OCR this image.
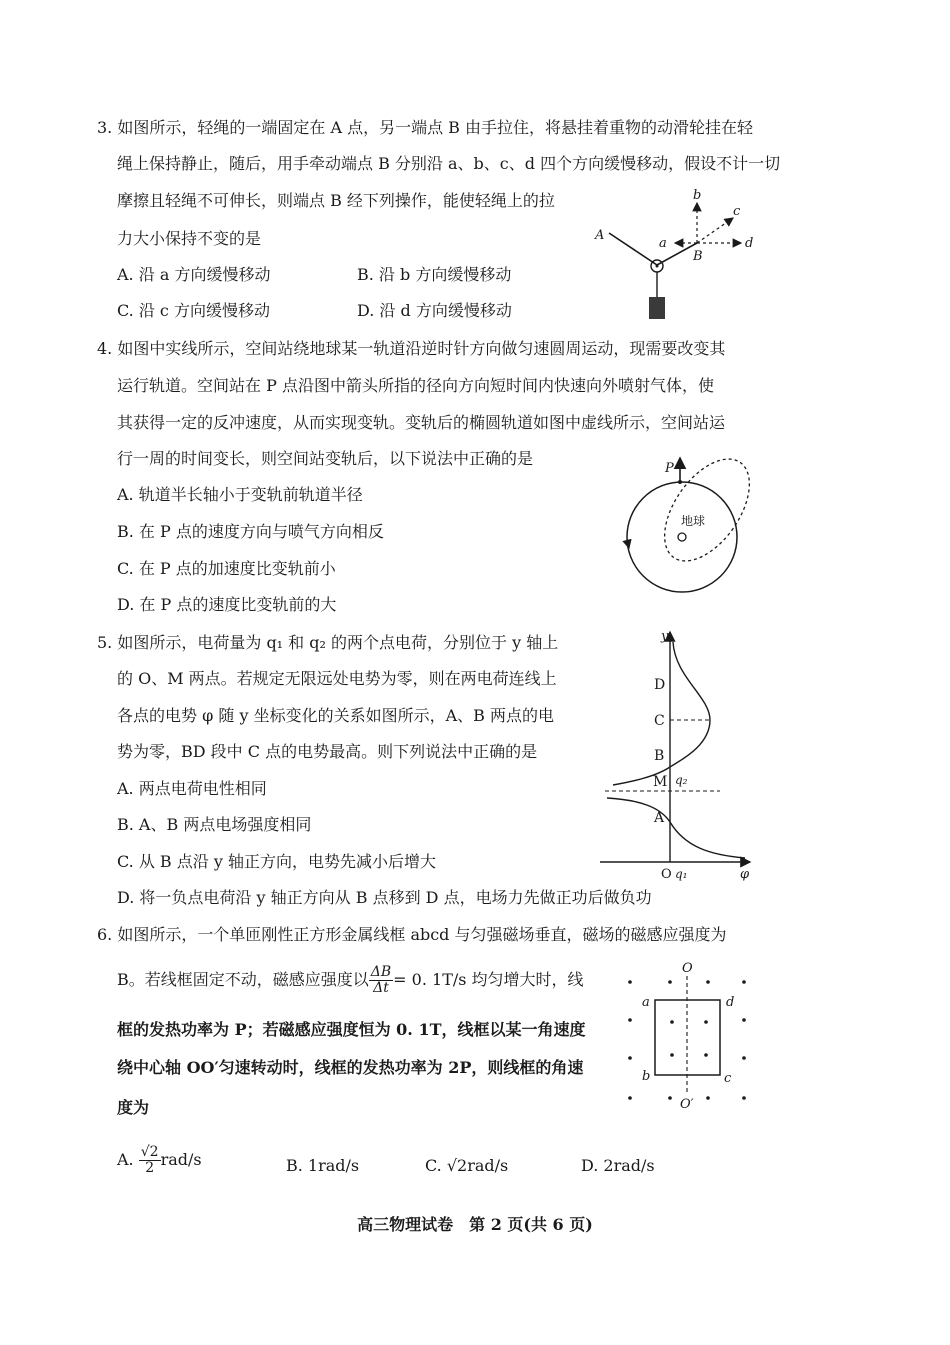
3. 如图所示，轻绳的一端固定在 A 点，另一端点 B 由手拉住，将悬挂着重物的动滑轮挂在轻
绳上保持静止，随后，用手牵动端点 B 分别沿 a、b、c、d 四个方向缓慢移动，假设不计一切
摩擦且轻绳不可伸长，则端点 B 经下列操作，能使轻绳上的拉
力大小保持不变的是
A. 沿 a 方向缓慢移动	B. 沿 b 方向缓慢移动
C. 沿 c 方向缓慢移动	D. 沿 d 方向缓慢移动
A
B
a
b
c
d
4. 如图中实线所示，空间站绕地球某一轨道沿逆时针方向做匀速圆周运动，现需要改变其
运行轨道。空间站在 P 点沿图中箭头所指的径向方向短时间内快速向外喷射气体，使
其获得一定的反冲速度，从而实现变轨。变轨后的椭圆轨道如图中虚线所示，空间站运
行一周的时间变长，则空间站变轨后，以下说法中正确的是
A. 轨道半长轴小于变轨前轨道半径
B. 在 P 点的速度方向与喷气方向相反
C. 在 P 点的加速度比变轨前小
D. 在 P 点的速度比变轨前的大
P
地球
5. 如图所示，电荷量为 q₁ 和 q₂ 的两个点电荷，分别位于 y 轴上
的 O、M 两点。若规定无限远处电势为零，则在两电荷连线上
各点的电势 φ 随 y 坐标变化的关系如图所示，A、B 两点的电
势为零，BD 段中 C 点的电势最高。则下列说法中正确的是
A. 两点电荷电性相同
B. A、B 两点电场强度相同
C. 从 B 点沿 y 轴正方向，电势先减小后增大
D. 将一负点电荷沿 y 轴正方向从 B 点移到 D 点，电场力先做正功后做负功
y
D
C
B
M q₂
A
O q₁	φ
6. 如图所示，一个单匝刚性正方形金属线框 abcd 与匀强磁场垂直，磁场的磁感应强度为
B。若线框固定不动，磁感应强度以 $\frac{\Delta B}{\Delta t} = 0$. 1T/s 均匀增大时，线
框的发热功率为 P；若磁感应强度恒为 0. 1T，线框以某一角速度
绕中心轴 OO′匀速转动时，线框的发热功率为 2P，则线框的角速
度为
A. $\frac{√2}{2} rad/s$	B. 1rad/s	C. √2rad/s	D. 2rad/s
O
O′
a
b	c
d
高三物理试卷　第 2 页(共 6 页)
